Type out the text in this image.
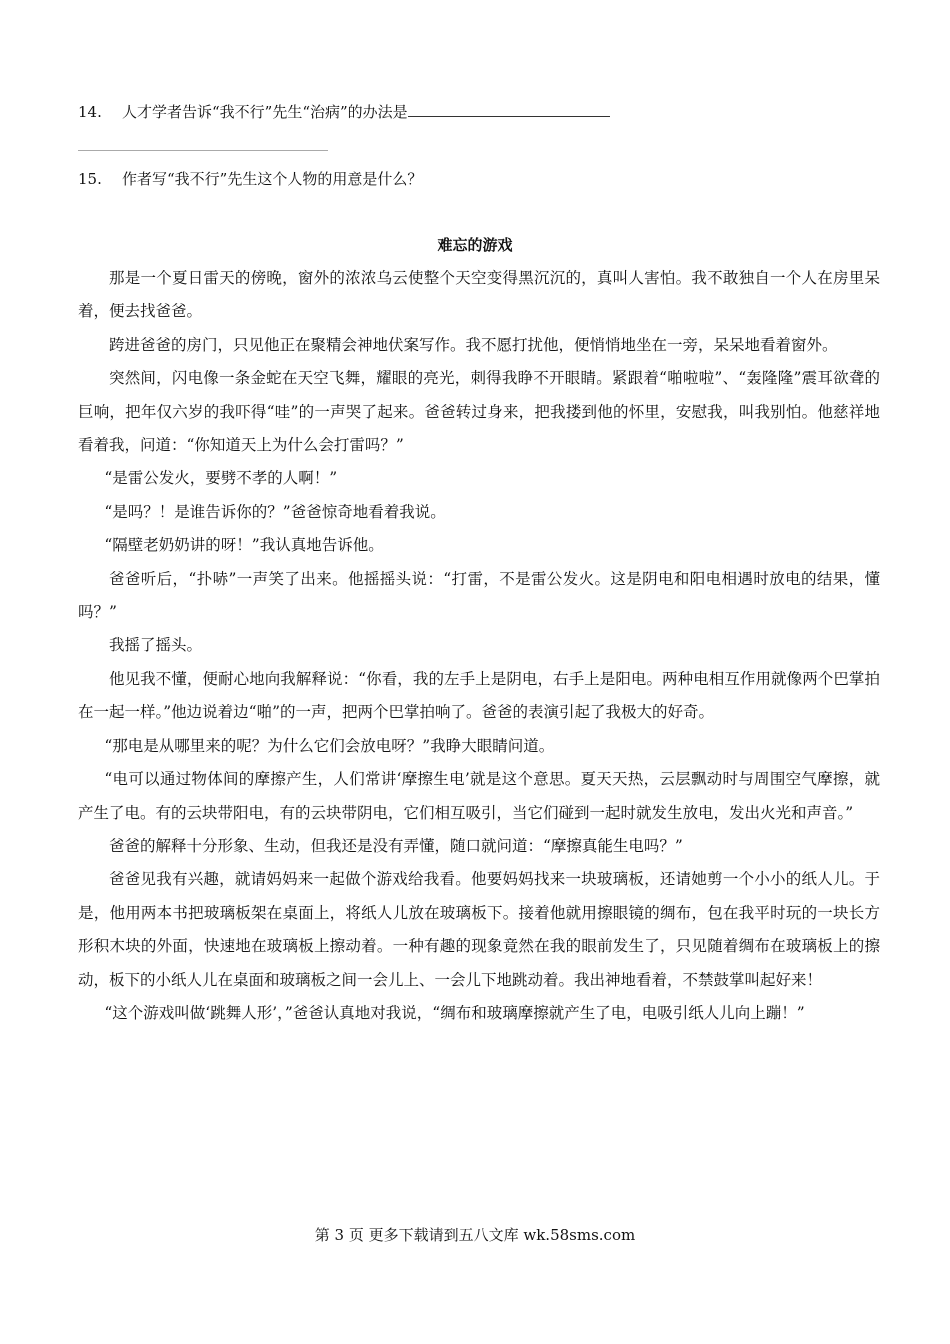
14. 人才学者告诉“我不行”先生“治病”的办法是
15. 作者写“我不行”先生这个人物的用意是什么？
难忘的游戏

那是一个夏日雷天的傍晚，窗外的浓浓乌云使整个天空变得黑沉沉的，真叫人害怕。我不敢独自一个人在房里呆着，便去找爸爸。

跨进爸爸的房门，只见他正在聚精会神地伏案写作。我不愿打扰他，便悄悄地坐在一旁，呆呆地看着窗外。

突然间，闪电像一条金蛇在天空飞舞，耀眼的亮光，刺得我睁不开眼睛。紧跟着“啪啦啦”、“轰隆隆”震耳欲聋的巨响，把年仅六岁的我吓得“哇”的一声哭了起来。爸爸转过身来，把我搂到他的怀里，安慰我，叫我别怕。他慈祥地看着我，问道：“你知道天上为什么会打雷吗？”

“是雷公发火，要劈不孝的人啊！”

“是吗？！是谁告诉你的？”爸爸惊奇地看着我说。

“隔壁老奶奶讲的呀！”我认真地告诉他。

爸爸听后，“扑哧”一声笑了出来。他摇摇头说：“打雷，不是雷公发火。这是阴电和阳电相遇时放电的结果，懂吗？”

我摇了摇头。

他见我不懂，便耐心地向我解释说：“你看，我的左手上是阴电，右手上是阳电。两种电相互作用就像两个巴掌拍在一起一样。”他边说着边“啪”的一声，把两个巴掌拍响了。爸爸的表演引起了我极大的好奇。

“那电是从哪里来的呢？为什么它们会放电呀？”我睁大眼睛问道。

“电可以通过物体间的摩擦产生，人们常讲‘摩擦生电’就是这个意思。夏天天热，云层飘动时与周围空气摩擦，就产生了电。有的云块带阳电，有的云块带阴电，它们相互吸引，当它们碰到一起时就发生放电，发出火光和声音。”

爸爸的解释十分形象、生动，但我还是没有弄懂，随口就问道：“摩擦真能生电吗？”

爸爸见我有兴趣，就请妈妈来一起做个游戏给我看。他要妈妈找来一块玻璃板，还请她剪一个小小的纸人儿。于是，他用两本书把玻璃板架在桌面上，将纸人儿放在玻璃板下。接着他就用擦眼镜的绸布，包在我平时玩的一块长方形积木块的外面，快速地在玻璃板上擦动着。一种有趣的现象竟然在我的眼前发生了，只见随着绸布在玻璃板上的擦动，板下的小纸人儿在桌面和玻璃板之间一会儿上、一会儿下地跳动着。我出神地看着，不禁鼓掌叫起好来！

“这个游戏叫做‘跳舞人形’，”爸爸认真地对我说，“绸布和玻璃摩擦就产生了电，电吸引纸人儿向上蹦！”

第 3 页 更多下载请到五八文库 wk.58sms.com
